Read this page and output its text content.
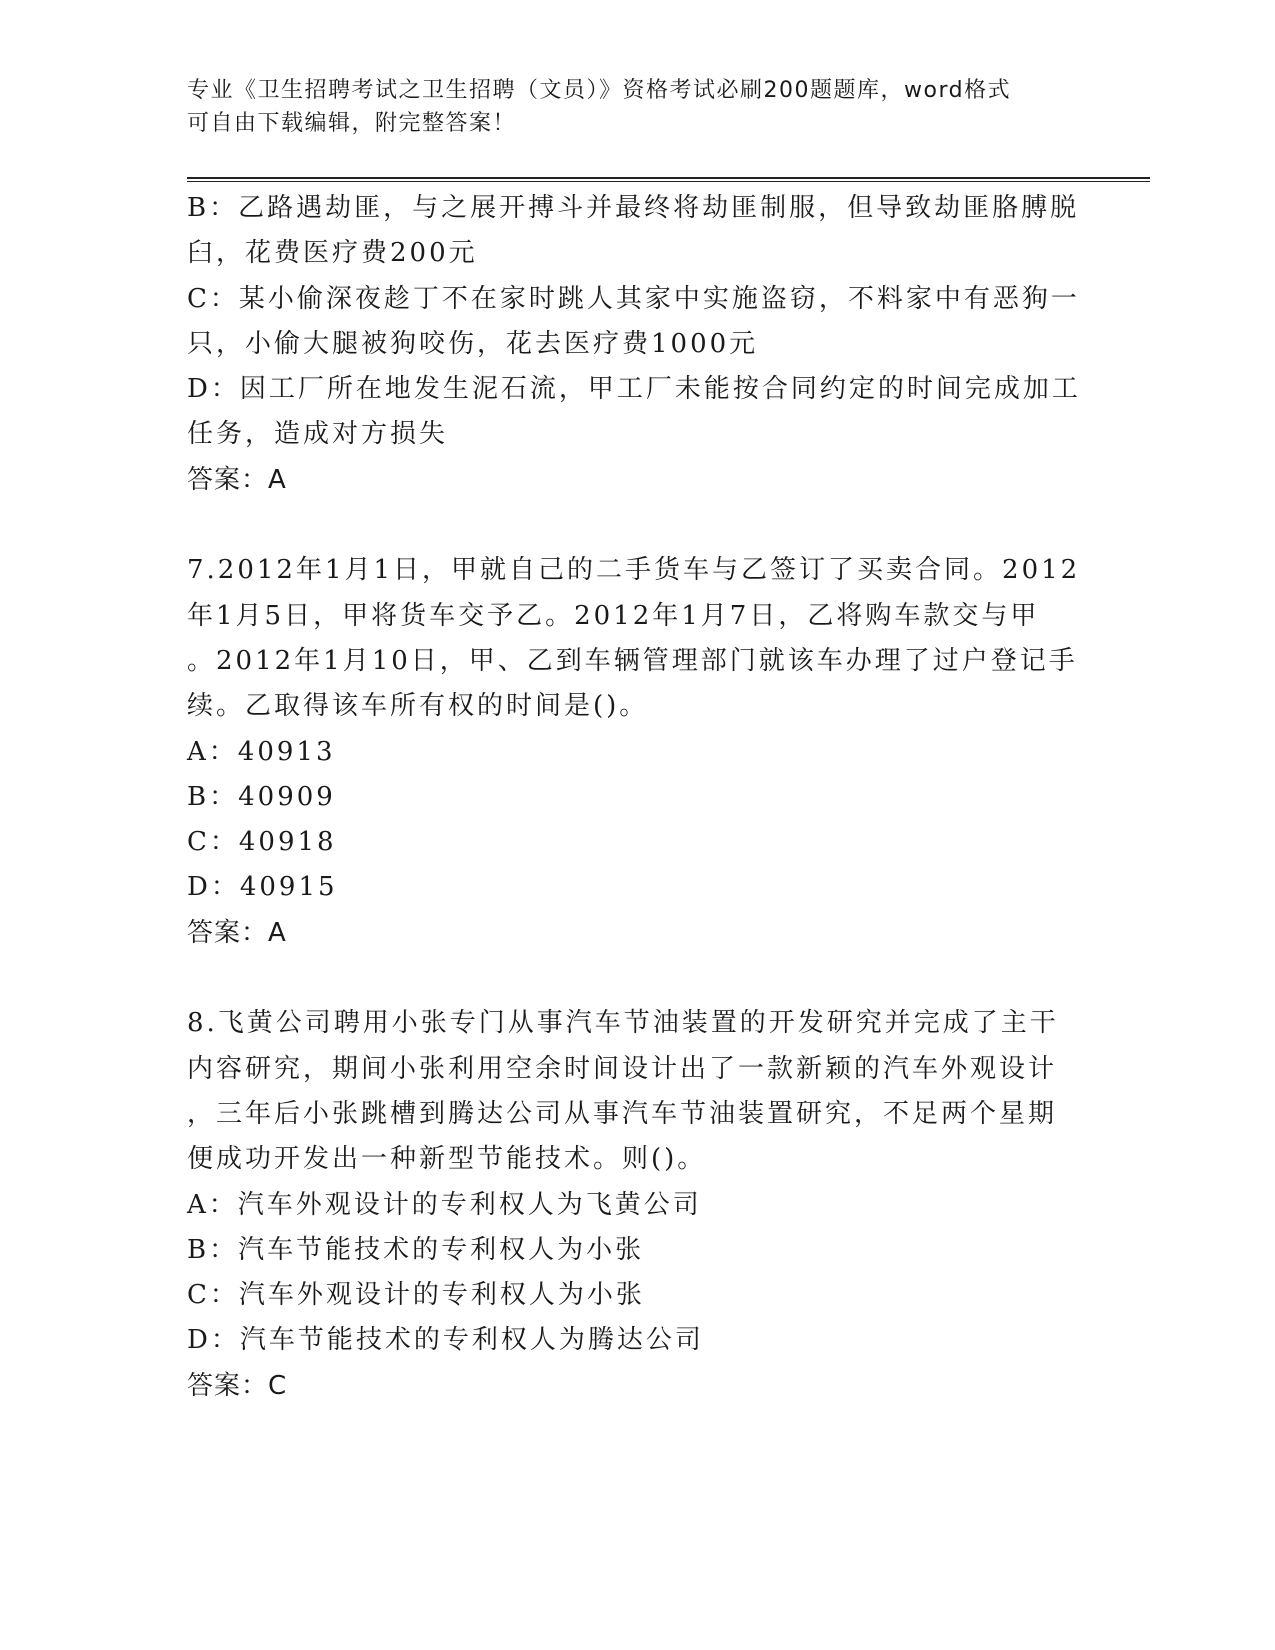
专业《卫生招聘考试之卫生招聘（文员）》资格考试必刷200题题库，word格式
可自由下载编辑，附完整答案！
B：乙路遇劫匪，与之展开搏斗并最终将劫匪制服，但导致劫匪胳膊脱
臼，花费医疗费200元
C：某小偷深夜趁丁不在家时跳人其家中实施盗窃，不料家中有恶狗一
只，小偷大腿被狗咬伤，花去医疗费1000元
D：因工厂所在地发生泥石流，甲工厂未能按合同约定的时间完成加工
任务，造成对方损失
答案：A
7.2012年1月1日，甲就自己的二手货车与乙签订了买卖合同。2012
年1月5日，甲将货车交予乙。2012年1月7日，乙将购车款交与甲
。2012年1月10日，甲、乙到车辆管理部门就该车办理了过户登记手
续。乙取得该车所有权的时间是()。
A：40913
B：40909
C：40918
D：40915
答案：A
8.飞黄公司聘用小张专门从事汽车节油装置的开发研究并完成了主干
内容研究，期间小张利用空余时间设计出了一款新颖的汽车外观设计
，三年后小张跳槽到腾达公司从事汽车节油装置研究，不足两个星期
便成功开发出一种新型节能技术。则()。
A：汽车外观设计的专利权人为飞黄公司
B：汽车节能技术的专利权人为小张
C：汽车外观设计的专利权人为小张
D：汽车节能技术的专利权人为腾达公司
答案：C
